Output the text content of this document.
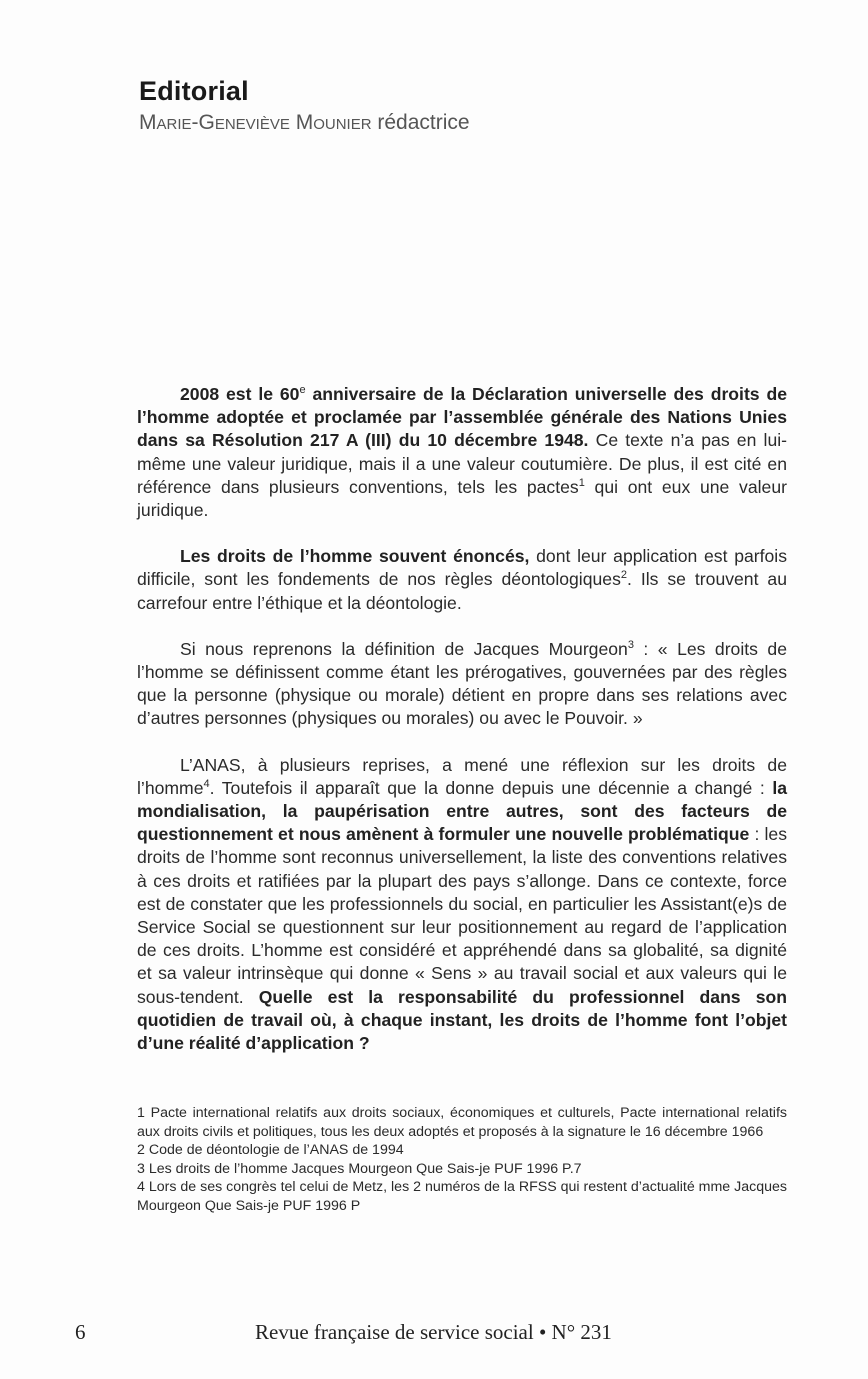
Editorial
Marie-Geneviève Mounier rédactrice

2008 est le 60e anniversaire de la Déclaration universelle des droits de l’homme adoptée et proclamée par l’assemblée générale des Nations Unies dans sa Résolution 217 A (III) du 10 décembre 1948. Ce texte n’a pas en lui-même une valeur juridique, mais il a une valeur coutumière. De plus, il est cité en référence dans plusieurs conventions, tels les pactes$^1$ qui ont eux une valeur juridique.

Les droits de l’homme souvent énoncés, dont leur application est parfois difficile, sont les fondements de nos règles déontologiques$^2$. Ils se trouvent au carrefour entre l’éthique et la déontologie.

Si nous reprenons la définition de Jacques Mourgeon$^3$ : « Les droits de l’homme se définissent comme étant les prérogatives, gouvernées par des règles que la personne (physique ou morale) détient en propre dans ses relations avec d’autres personnes (physiques ou morales) ou avec le Pouvoir. »

L’ANAS, à plusieurs reprises, a mené une réflexion sur les droits de l’homme$^4$. Toutefois il apparaît que la donne depuis une décennie a changé : la mondialisation, la paupérisation entre autres, sont des facteurs de questionnement et nous amènent à formuler une nouvelle problématique : les droits de l’homme sont reconnus universellement, la liste des conventions relatives à ces droits et ratifiées par la plupart des pays s’allonge. Dans ce contexte, force est de constater que les professionnels du social, en particulier les Assistant(e)s de Service Social se questionnent sur leur positionnement au regard de l’application de ces droits. L’homme est considéré et appréhendé dans sa globalité, sa dignité et sa valeur intrinsèque qui donne « Sens » au travail social et aux valeurs qui le sous-tendent. Quelle est la responsabilité du professionnel dans son quotidien de travail où, à chaque instant, les droits de l’homme font l’objet d’une réalité d’application ?

1 Pacte international relatifs aux droits sociaux, économiques et culturels, Pacte international relatifs aux droits civils et politiques, tous les deux adoptés et proposés à la signature le 16 décembre 1966
2 Code de déontologie de l’ANAS de 1994
3 Les droits de l’homme Jacques Mourgeon Que Sais-je PUF 1996 P.7
4 Lors de ses congrès tel celui de Metz, les 2 numéros de la RFSS qui restent d’actualité mme Jacques Mourgeon Que Sais-je PUF 1996 P
6	Revue française de service social • N° 231
